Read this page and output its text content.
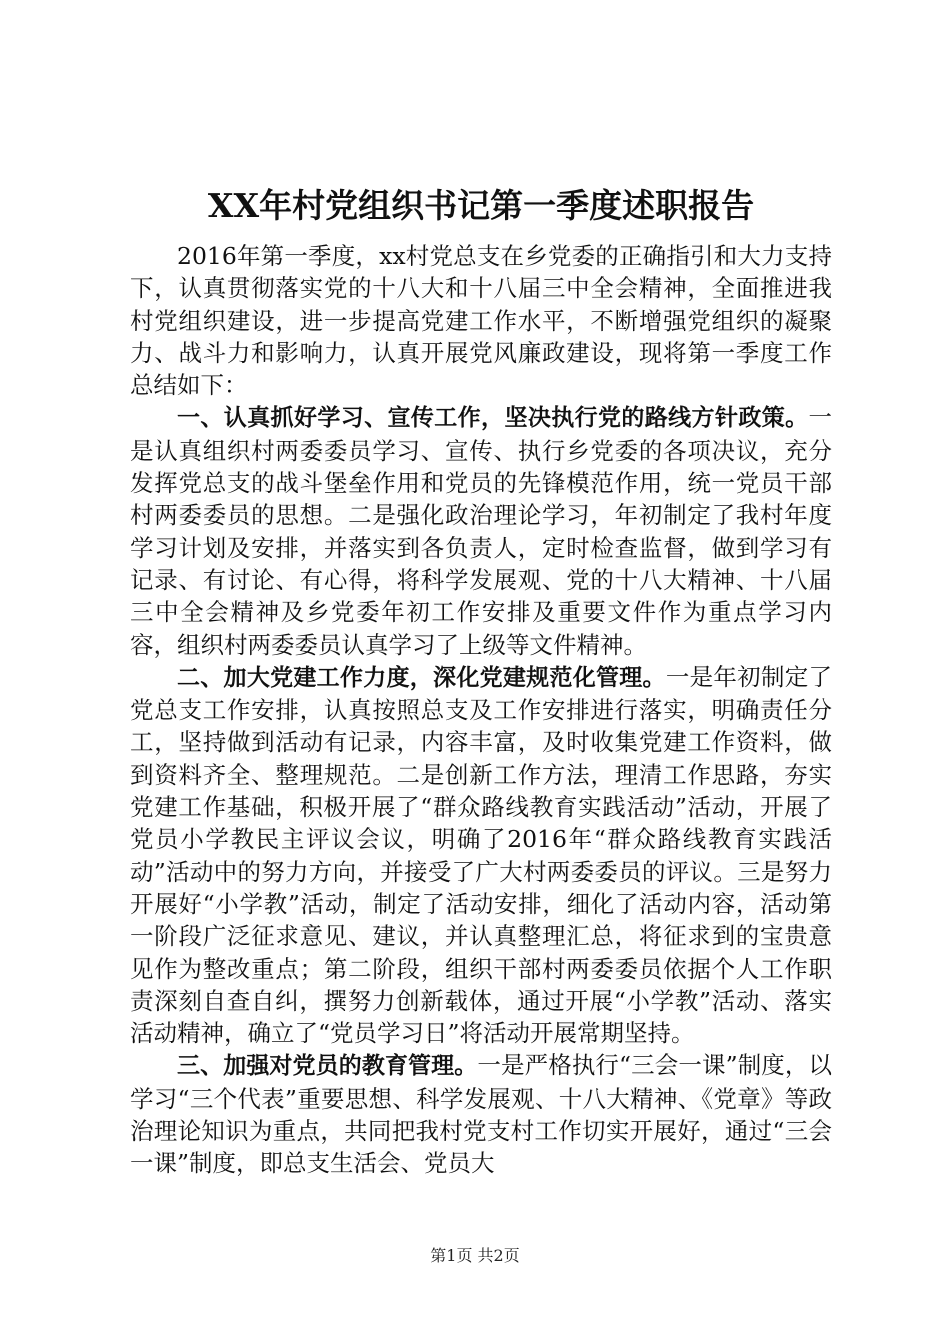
XX年村党组织书记第一季度述职报告

2016年第一季度，xx村党总支在乡党委的正确指引和大力支持下，认真贯彻落实党的十八大和十八届三中全会精神，全面推进我村党组织建设，进一步提高党建工作水平，不断增强党组织的凝聚力、战斗力和影响力，认真开展党风廉政建设，现将第一季度工作总结如下：

一、认真抓好学习、宣传工作，坚决执行党的路线方针政策。一是认真组织村两委委员学习、宣传、执行乡党委的各项决议，充分发挥党总支的战斗堡垒作用和党员的先锋模范作用，统一党员干部村两委委员的思想。二是强化政治理论学习，年初制定了我村年度学习计划及安排，并落实到各负责人，定时检查监督，做到学习有记录、有讨论、有心得，将科学发展观、党的十八大精神、十八届三中全会精神及乡党委年初工作安排及重要文件作为重点学习内容，组织村两委委员认真学习了上级等文件精神。

二、加大党建工作力度，深化党建规范化管理。一是年初制定了党总支工作安排，认真按照总支及工作安排进行落实，明确责任分工，坚持做到活动有记录，内容丰富，及时收集党建工作资料，做到资料齐全、整理规范。二是创新工作方法，理清工作思路，夯实党建工作基础，积极开展了“群众路线教育实践活动”活动，开展了党员小学教民主评议会议，明确了2016年“群众路线教育实践活动”活动中的努力方向，并接受了广大村两委委员的评议。三是努力开展好“小学教”活动，制定了活动安排，细化了活动内容，活动第一阶段广泛征求意见、建议，并认真整理汇总，将征求到的宝贵意见作为整改重点；第二阶段，组织干部村两委委员依据个人工作职责深刻自查自纠，撰努力创新载体，通过开展“小学教”活动、落实活动精神，确立了“党员学习日”将活动开展常期坚持。

三、加强对党员的教育管理。一是严格执行“三会一课”制度，以学习“三个代表”重要思想、科学发展观、十八大精神、《党章》等政治理论知识为重点，共同把我村党支村工作切实开展好，通过“三会一课”制度，即总支生活会、党员大

第1页 共2页
